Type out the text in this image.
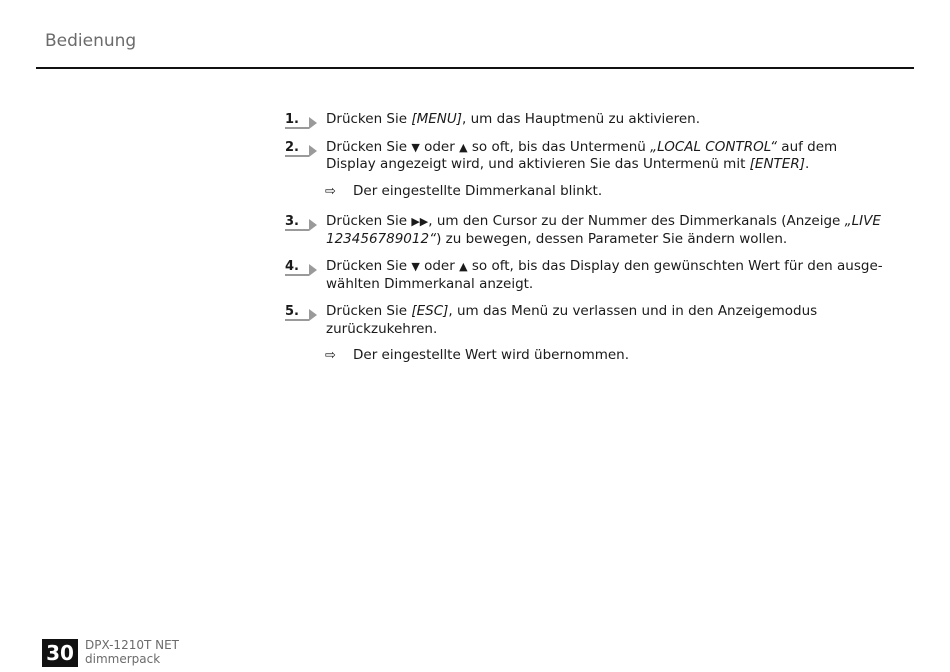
Bedienung
1. Drücken Sie [MENU], um das Hauptmenü zu aktivieren.
2. Drücken Sie ▼ oder ▲ so oft, bis das Untermenü „LOCAL CONTROL“ auf dem Display angezeigt wird, und aktivieren Sie das Untermenü mit [ENTER].
⇨ Der eingestellte Dimmerkanal blinkt.
3. Drücken Sie ▶▶, um den Cursor zu der Nummer des Dimmerkanals (Anzeige „LIVE 123456789012“) zu bewegen, dessen Parameter Sie ändern wollen.
4. Drücken Sie ▼ oder ▲ so oft, bis das Display den gewünschten Wert für den ausgewählten Dimmerkanal anzeigt.
5. Drücken Sie [ESC], um das Menü zu verlassen und in den Anzeigemodus zurückzukehren.
⇨ Der eingestellte Wert wird übernommen.
30 DPX-1210T NET
dimmerpack
